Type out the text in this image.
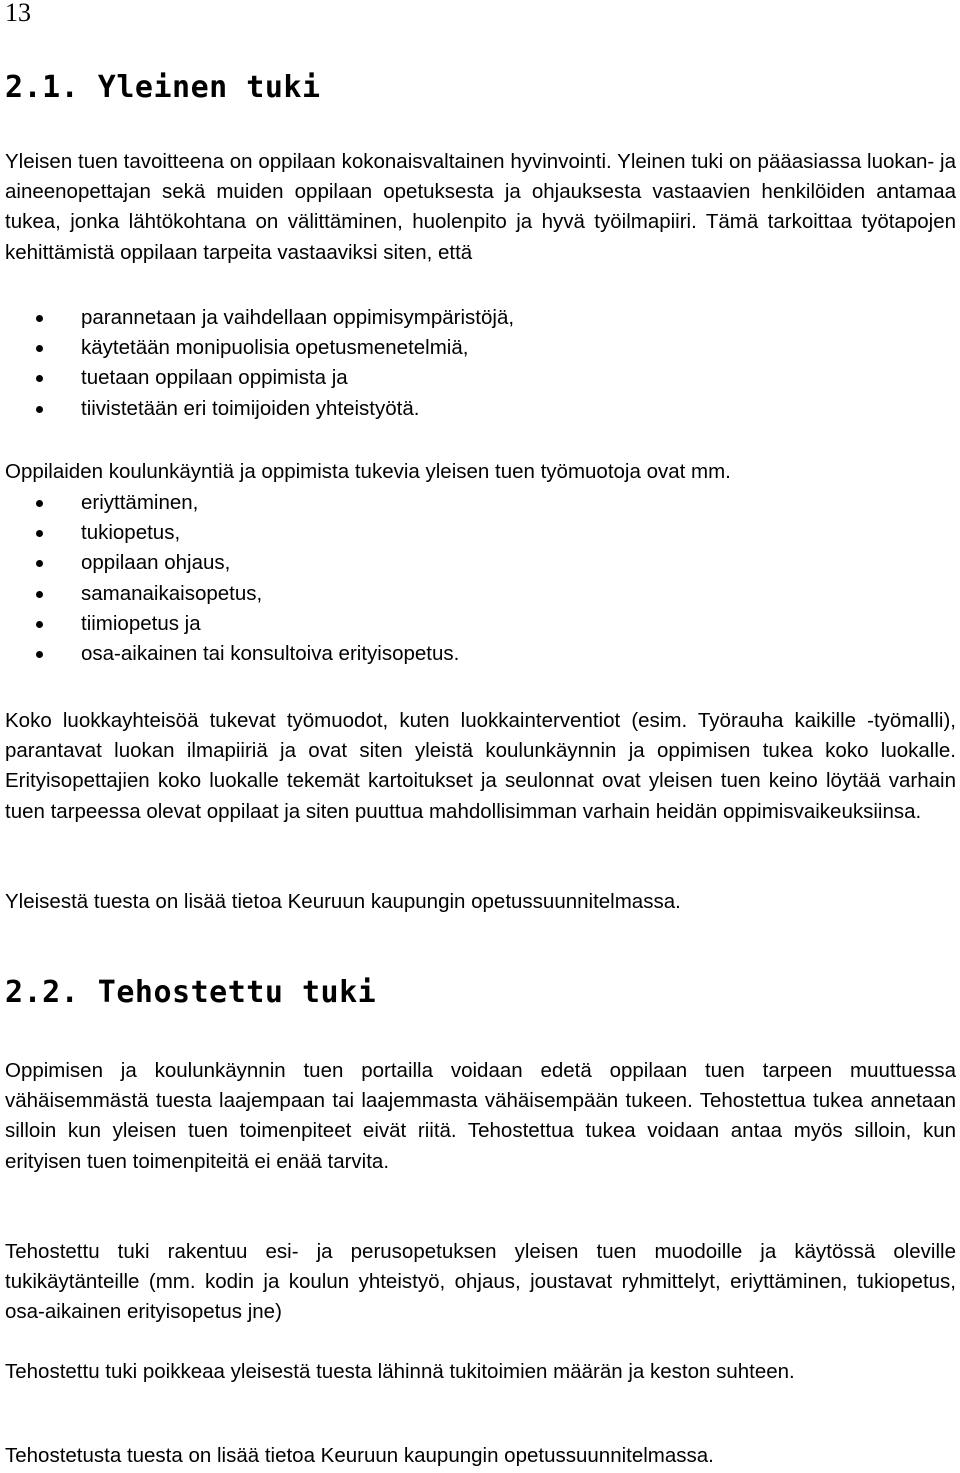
13

2.1. Yleinen tuki

Yleisen tuen tavoitteena on oppilaan kokonaisvaltainen hyvinvointi. Yleinen tuki on pääasiassa luokan- ja aineenopettajan sekä muiden oppilaan opetuksesta ja ohjauksesta vastaavien henkilöiden antamaa tukea, jonka lähtökohtana on välittäminen, huolenpito ja hyvä työilmapiiri. Tämä tarkoittaa työtapojen kehittämistä oppilaan tarpeita vastaaviksi siten, että

parannetaan ja vaihdellaan oppimisympäristöjä,
käytetään monipuolisia opetusmenetelmiä,
tuetaan oppilaan oppimista ja
tiivistetään eri toimijoiden yhteistyötä.

Oppilaiden koulunkäyntiä ja oppimista tukevia yleisen tuen työmuotoja ovat mm.

eriyttäminen,
tukiopetus,
oppilaan ohjaus,
samanaikaisopetus,
tiimiopetus ja
osa-aikainen tai konsultoiva erityisopetus.

Koko luokkayhteisöä tukevat työmuodot, kuten luokkainterventiot (esim. Työrauha kaikille -työmalli), parantavat luokan ilmapiiriä ja ovat siten yleistä koulunkäynnin ja oppimisen tukea koko luokalle. Erityisopettajien koko luokalle tekemät kartoitukset ja seulonnat ovat yleisen tuen keino löytää varhain tuen tarpeessa olevat oppilaat ja siten puuttua mahdollisimman varhain heidän oppimisvaikeuksiinsa.

Yleisestä tuesta on lisää tietoa Keuruun kaupungin opetussuunnitelmassa.

2.2. Tehostettu tuki

Oppimisen ja koulunkäynnin tuen portailla voidaan edetä oppilaan tuen tarpeen muuttuessa vähäisemmästä tuesta laajempaan tai laajemmasta vähäisempään tukeen. Tehostettua tukea annetaan silloin kun yleisen tuen toimenpiteet eivät riitä. Tehostettua tukea voidaan antaa myös silloin, kun erityisen tuen toimenpiteitä ei enää tarvita.

Tehostettu tuki rakentuu esi- ja perusopetuksen yleisen tuen muodoille ja käytössä oleville tukikäytänteille (mm. kodin ja koulun yhteistyö, ohjaus, joustavat ryhmittelyt, eriyttäminen, tukiopetus, osa-aikainen erityisopetus jne)

Tehostettu tuki poikkeaa yleisestä tuesta lähinnä tukitoimien määrän ja keston suhteen.

Tehostetusta tuesta on lisää tietoa Keuruun kaupungin opetussuunnitelmassa.
